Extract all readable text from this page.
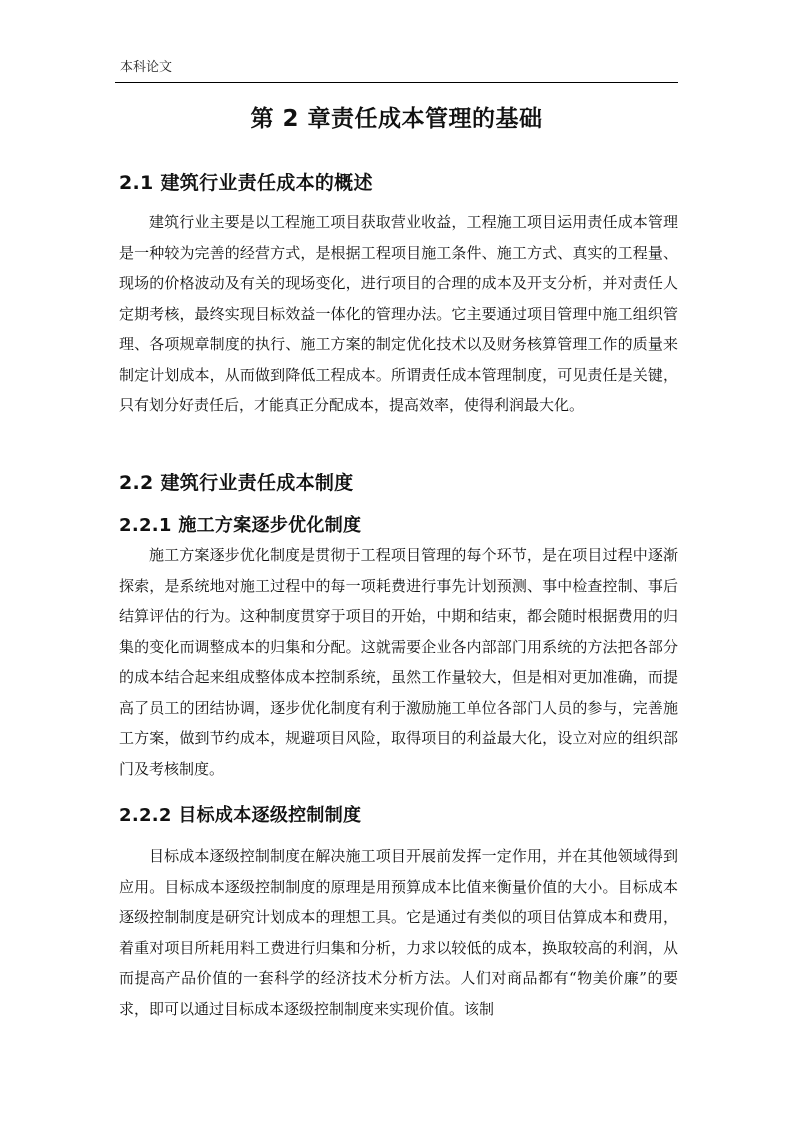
本科论文
第 2 章责任成本管理的基础
2.1 建筑行业责任成本的概述

建筑行业主要是以工程施工项目获取营业收益，工程施工项目运用责任成本管理是一种较为完善的经营方式，是根据工程项目施工条件、施工方式、真实的工程量、现场的价格波动及有关的现场变化，进行项目的合理的成本及开支分析，并对责任人定期考核，最终实现目标效益一体化的管理办法。它主要通过项目管理中施工组织管理、各项规章制度的执行、施工方案的制定优化技术以及财务核算管理工作的质量来制定计划成本，从而做到降低工程成本。所谓责任成本管理制度，可见责任是关键，只有划分好责任后，才能真正分配成本，提高效率，使得利润最大化。

2.2 建筑行业责任成本制度
2.2.1 施工方案逐步优化制度

施工方案逐步优化制度是贯彻于工程项目管理的每个环节，是在项目过程中逐渐探索，是系统地对施工过程中的每一项耗费进行事先计划预测、事中检查控制、事后结算评估的行为。这种制度贯穿于项目的开始，中期和结束，都会随时根据费用的归集的变化而调整成本的归集和分配。这就需要企业各内部部门用系统的方法把各部分的成本结合起来组成整体成本控制系统，虽然工作量较大，但是相对更加准确，而提高了员工的团结协调，逐步优化制度有利于激励施工单位各部门人员的参与，完善施工方案，做到节约成本，规避项目风险，取得项目的利益最大化，设立对应的组织部门及考核制度。

2.2.2 目标成本逐级控制制度

目标成本逐级控制制度在解决施工项目开展前发挥一定作用，并在其他领域得到应用。目标成本逐级控制制度的原理是用预算成本比值来衡量价值的大小。目标成本逐级控制制度是研究计划成本的理想工具。它是通过有类似的项目估算成本和费用，着重对项目所耗用料工费进行归集和分析，力求以较低的成本，换取较高的利润，从而提高产品价值的一套科学的经济技术分析方法。人们对商品都有“物美价廉”的要求，即可以通过目标成本逐级控制制度来实现价值。该制
